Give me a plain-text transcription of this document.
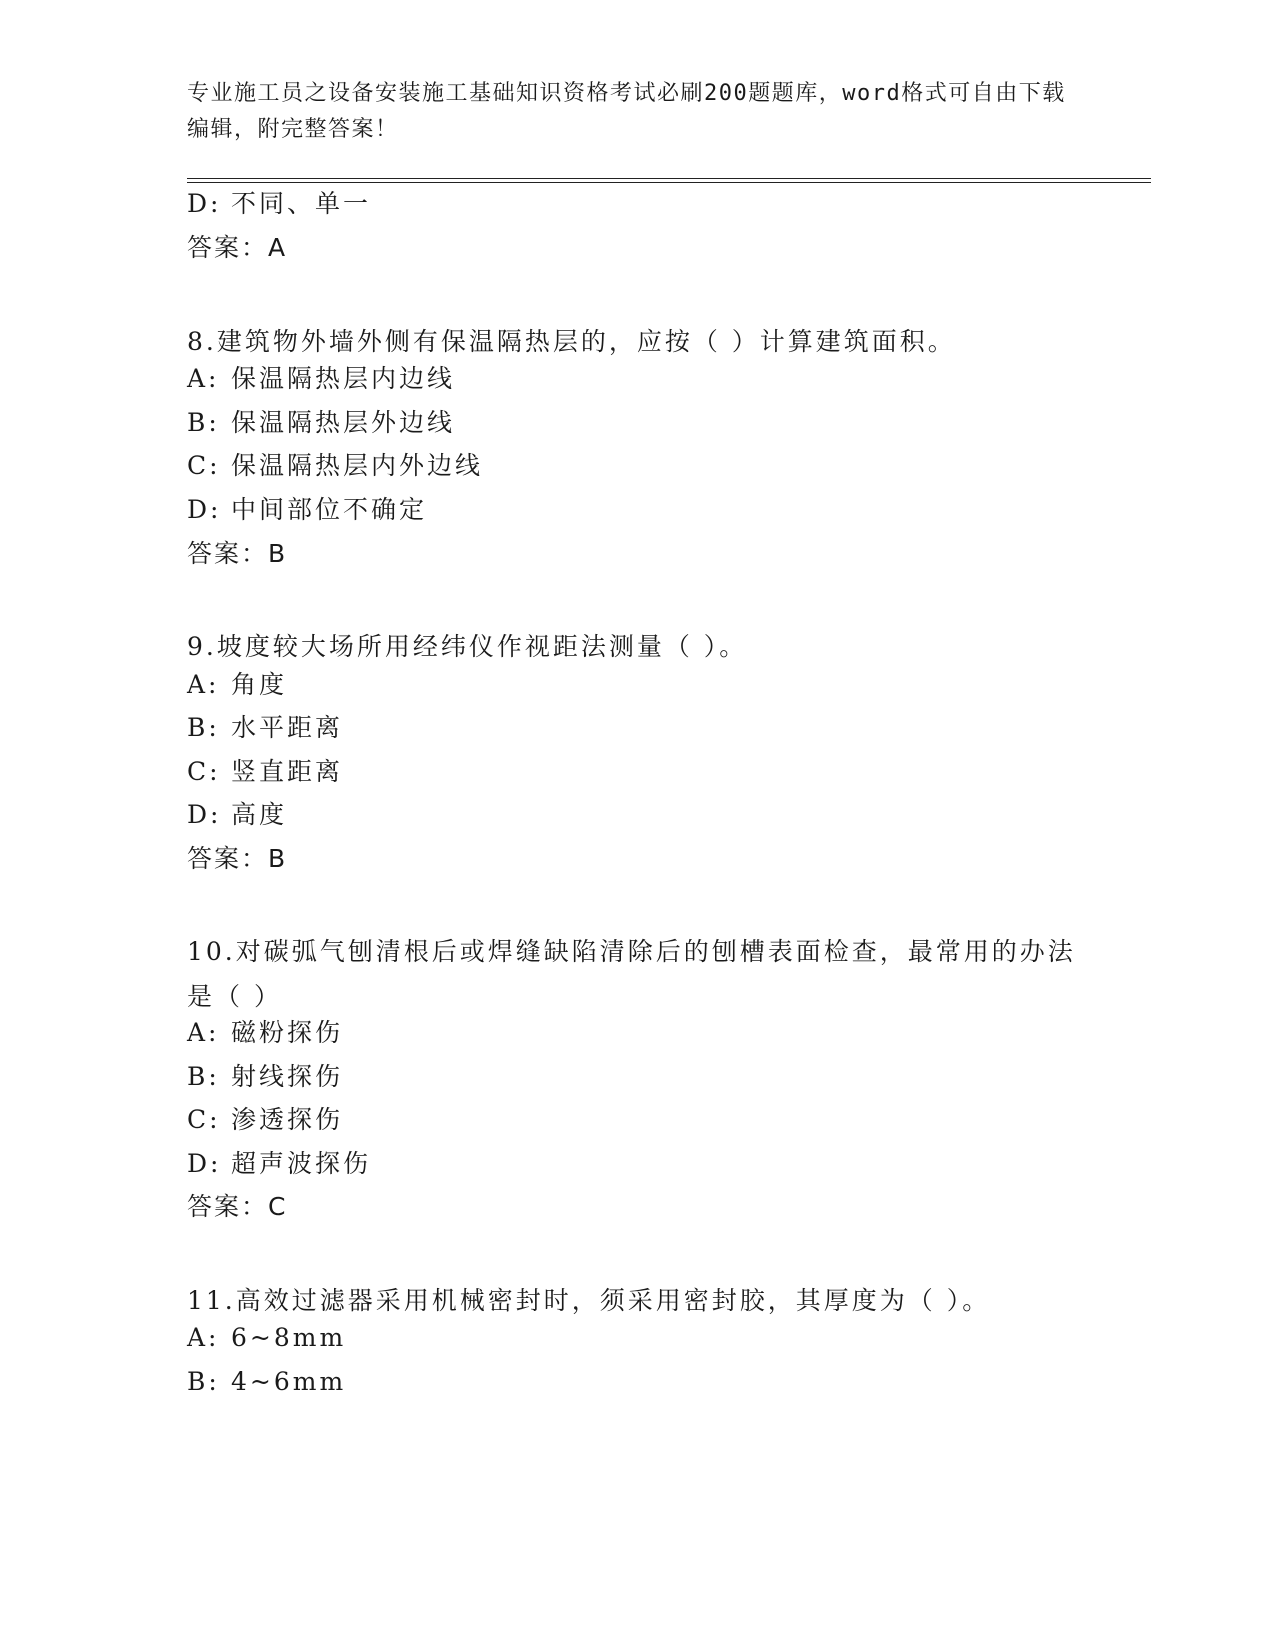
专业施工员之设备安装施工基础知识资格考试必刷200题题库，word格式可自由下载编辑，附完整答案！
D: 不同、单一
答案：A
8.建筑物外墙外侧有保温隔热层的，应按（ ）计算建筑面积。
A: 保温隔热层内边线
B: 保温隔热层外边线
C: 保温隔热层内外边线
D: 中间部位不确定
答案：B
9.坡度较大场所用经纬仪作视距法测量（ ）。
A: 角度
B: 水平距离
C: 竖直距离
D: 高度
答案：B
10.对碳弧气刨清根后或焊缝缺陷清除后的刨槽表面检查，最常用的办法是（ ）
A: 磁粉探伤
B: 射线探伤
C: 渗透探伤
D: 超声波探伤
答案：C
11.高效过滤器采用机械密封时，须采用密封胶，其厚度为（ ）。
A: 6~8mm
B: 4~6mm
